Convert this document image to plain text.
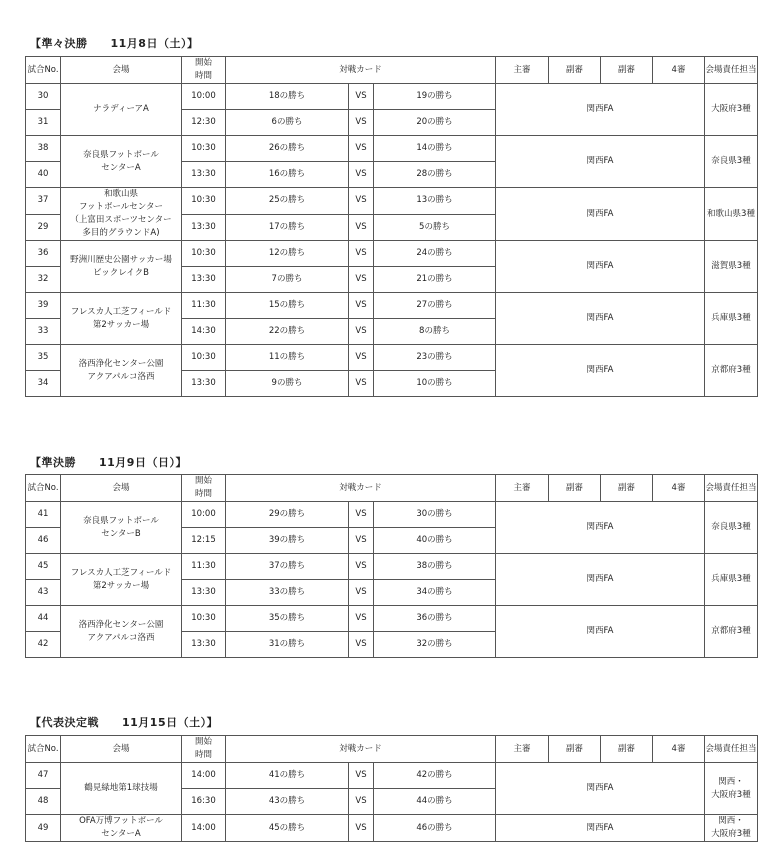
【準々決勝　　11月8日（土）】
試合No.	会場	開始
時間	対戦カード			主審	副審	副審	4審	会場責任担当
30	ナラディーアA	10:00	18の勝ち	VS	19の勝ち	関西FA				大阪府3種

31		12:30	6の勝ち	VS	20の勝ち					
38	奈良県フットボール
センターA	10:30	26の勝ち	VS	14の勝ち	関西FA				奈良県3種

40		13:30	16の勝ち	VS	28の勝ち					
37	和歌山県
フットボールセンター
（上富田スポーツセンター
多目的グラウンドA)	10:30	25の勝ち	VS	13の勝ち	関西FA				和歌山県3種

29		13:30	17の勝ち	VS	5の勝ち					
36	野洲川歴史公園サッカー場
ビックレイクB	10:30	12の勝ち	VS	24の勝ち	関西FA				滋賀県3種

32		13:30	7の勝ち	VS	21の勝ち					
39	フレスカ人工芝フィールド
第2サッカー場	11:30	15の勝ち	VS	27の勝ち	関西FA				兵庫県3種

33		14:30	22の勝ち	VS	8の勝ち					
35	洛西浄化センター公園
アクアパルコ洛西	10:30	11の勝ち	VS	23の勝ち	関西FA				京都府3種

34		13:30	9の勝ち	VS	10の勝ち					
【準決勝　　11月9日（日）】
試合No.	会場	開始
時間	対戦カード			主審	副審	副審	4審	会場責任担当
41	奈良県フットボール
センターB	10:00	29の勝ち	VS	30の勝ち	関西FA				奈良県3種

46		12:15	39の勝ち	VS	40の勝ち					
45	フレスカ人工芝フィールド
第2サッカー場	11:30	37の勝ち	VS	38の勝ち	関西FA				兵庫県3種

43		13:30	33の勝ち	VS	34の勝ち					
44	洛西浄化センター公園
アクアパルコ洛西	10:30	35の勝ち	VS	36の勝ち	関西FA				京都府3種

42		13:30	31の勝ち	VS	32の勝ち					
【代表決定戦　　11月15日（土）】
試合No.	会場	開始
時間	対戦カード			主審	副審	副審	4審	会場責任担当
47	鶴見緑地第1球技場	14:00	41の勝ち	VS	42の勝ち	関西FA				関西・
大阪府3種

48		16:30	43の勝ち	VS	44の勝ち					
49	OFA万博フットボール
センターA	14:00	45の勝ち	VS	46の勝ち	関西FA				関西・
大阪府3種
